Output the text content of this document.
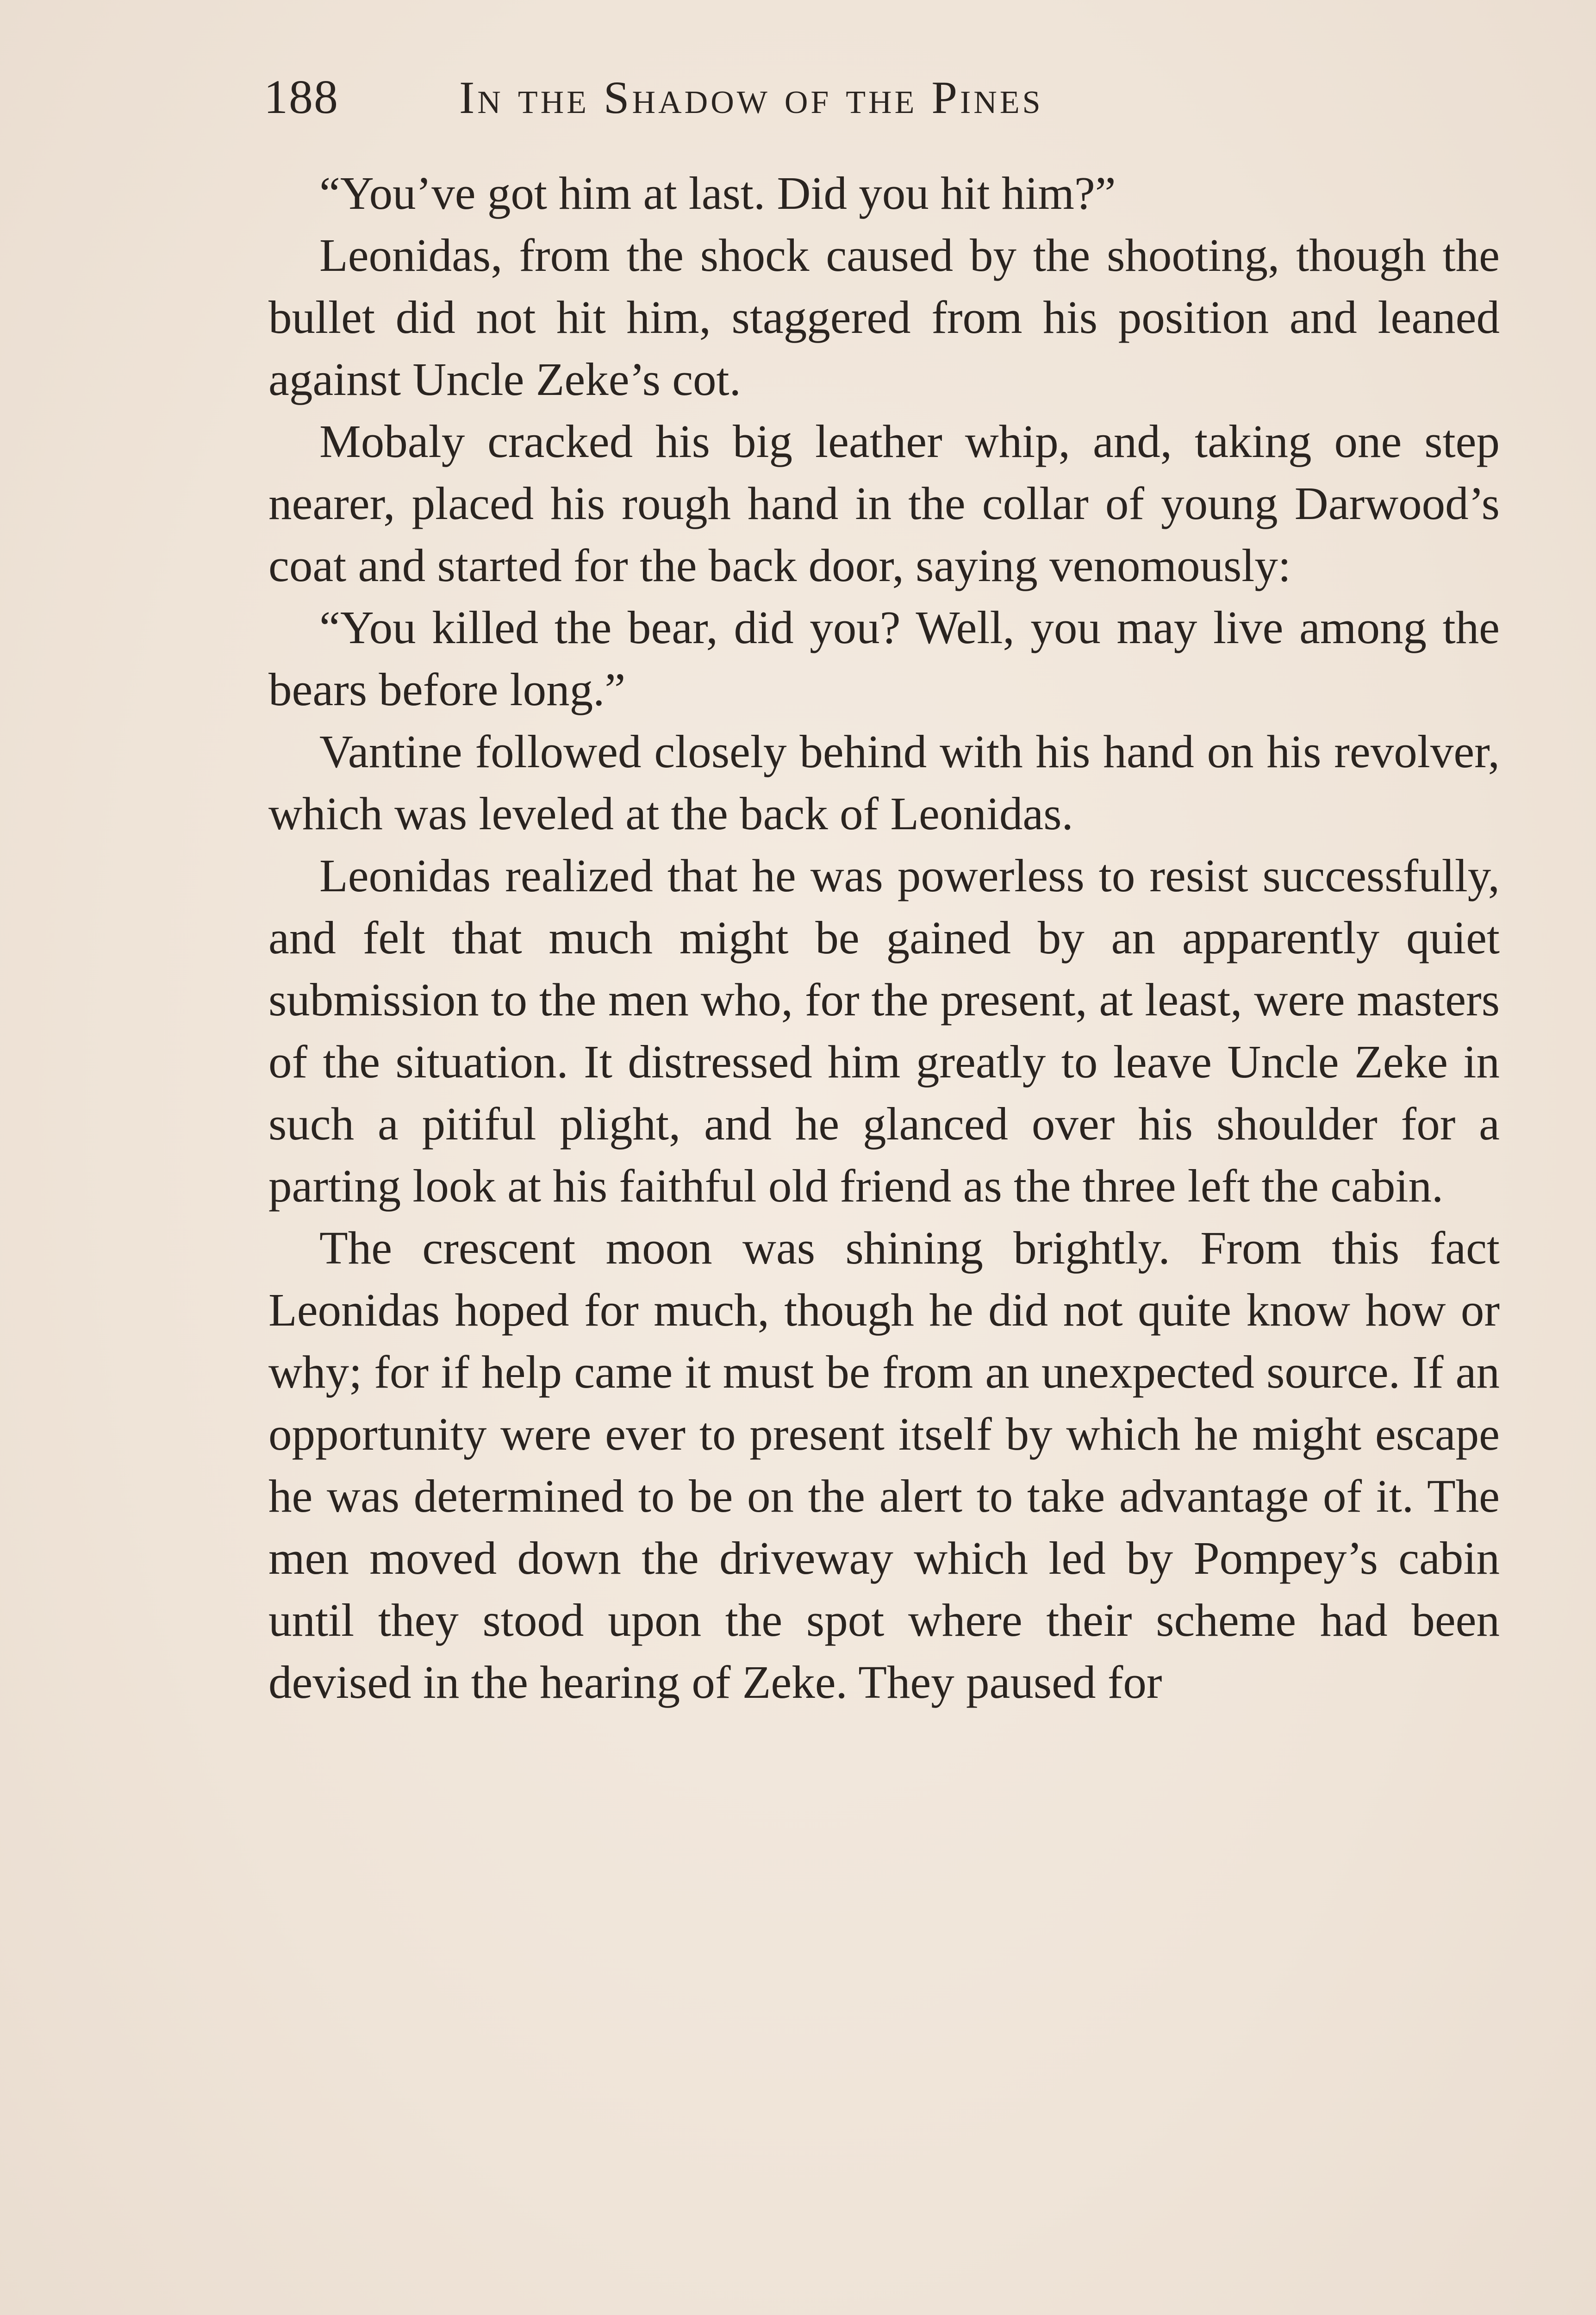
188	In the Shadow of the Pines

“You’ve got him at last. Did you hit him?”

Leonidas, from the shock caused by the shooting, though the bullet did not hit him, staggered from his position and leaned against Uncle Zeke’s cot.

Mobaly cracked his big leather whip, and, taking one step nearer, placed his rough hand in the collar of young Darwood’s coat and started for the back door, saying venomously:

“You killed the bear, did you? Well, you may live among the bears before long.”

Vantine followed closely behind with his hand on his revolver, which was leveled at the back of Leonidas.

Leonidas realized that he was powerless to resist successfully, and felt that much might be gained by an apparently quiet submission to the men who, for the present, at least, were masters of the situation. It distressed him greatly to leave Uncle Zeke in such a pitiful plight, and he glanced over his shoulder for a parting look at his faithful old friend as the three left the cabin.

The crescent moon was shining brightly. From this fact Leonidas hoped for much, though he did not quite know how or why; for if help came it must be from an unexpected source. If an opportunity were ever to present itself by which he might escape he was determined to be on the alert to take advantage of it. The men moved down the driveway which led by Pompey’s cabin until they stood upon the spot where their scheme had been devised in the hearing of Zeke. They paused for
